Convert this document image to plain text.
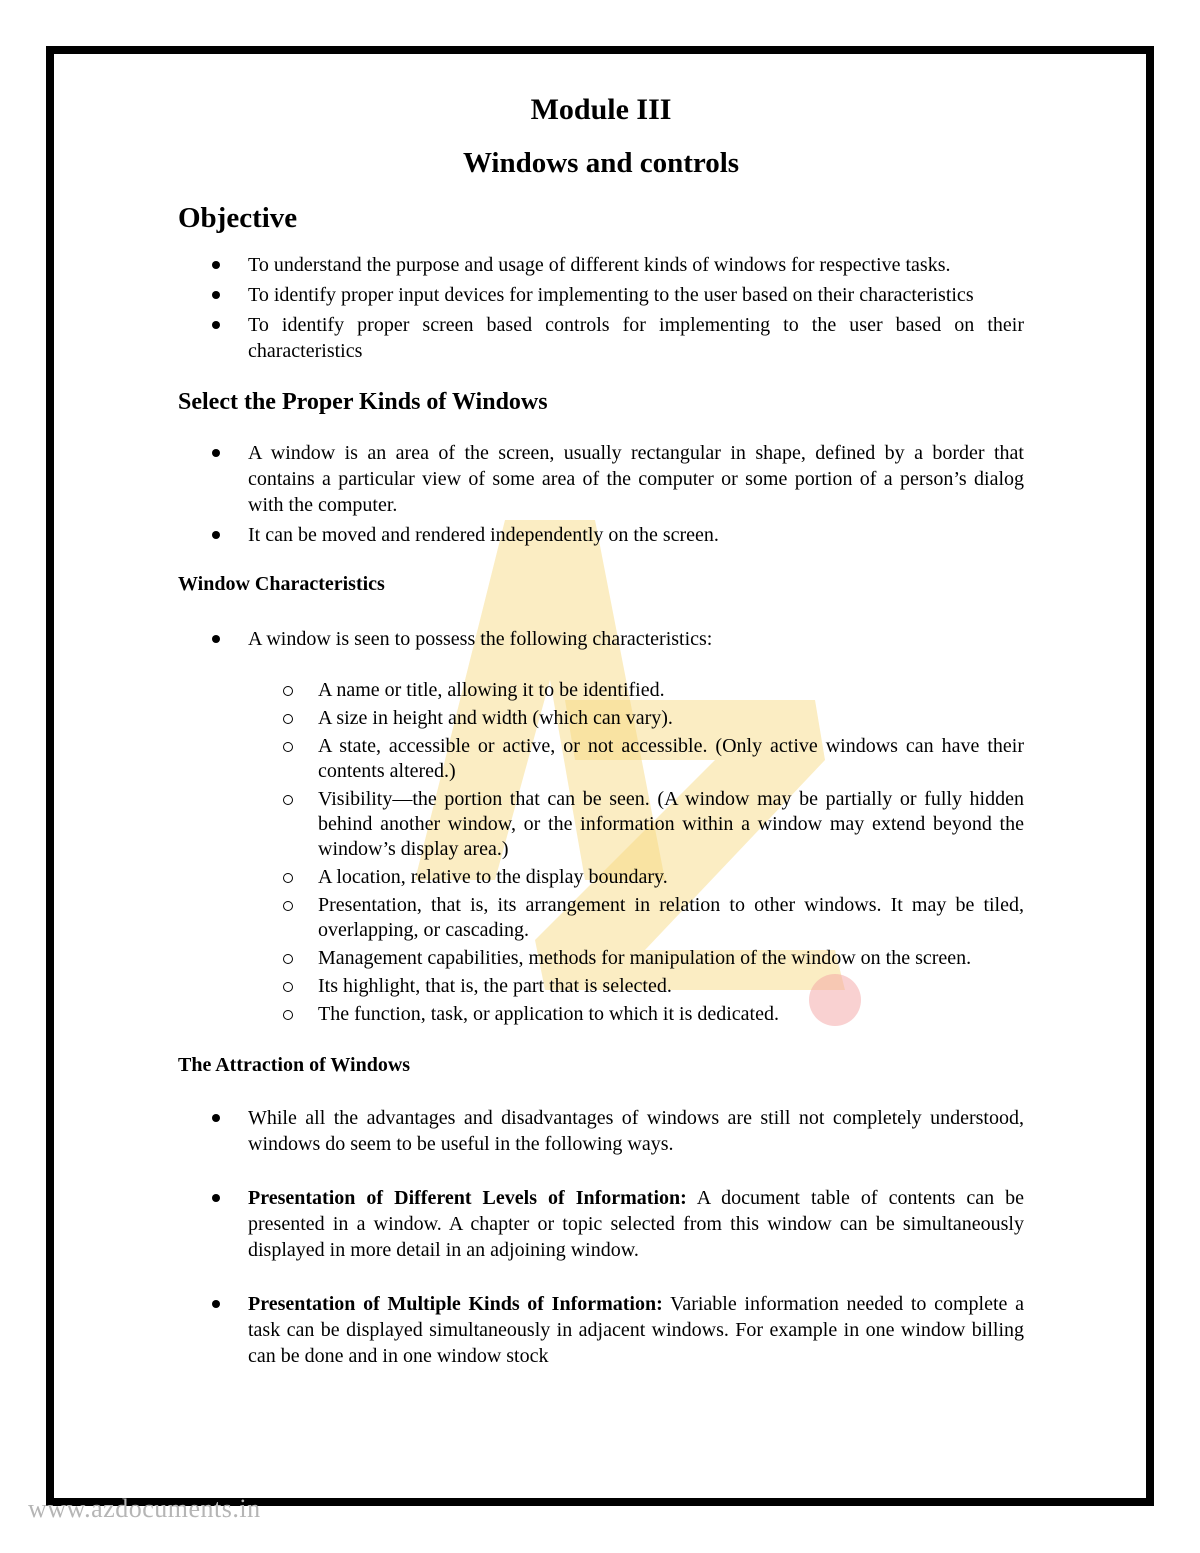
Module III
Windows and controls
Objective
To understand the purpose and usage of different kinds of windows for respective tasks.
To identify proper input devices for implementing to the user based on their characteristics
To identify proper screen based controls for implementing to the user based on their characteristics
Select the Proper Kinds of Windows
A window is an area of the screen, usually rectangular in shape, defined by a border that contains a particular view of some area of the computer or some portion of a person’s dialog with the computer.
It can be moved and rendered independently on the screen.
Window Characteristics
A window is seen to possess the following characteristics:
A name or title, allowing it to be identified.
A size in height and width (which can vary).
A state, accessible or active, or not accessible. (Only active windows can have their contents altered.)
Visibility—the portion that can be seen. (A window may be partially or fully hidden behind another window, or the information within a window may extend beyond the window’s display area.)
A location, relative to the display boundary.
Presentation, that is, its arrangement in relation to other windows. It may be tiled, overlapping, or cascading.
Management capabilities, methods for manipulation of the window on the screen.
Its highlight, that is, the part that is selected.
The function, task, or application to which it is dedicated.
The Attraction of Windows
While all the advantages and disadvantages of windows are still not completely understood, windows do seem to be useful in the following ways.
Presentation of Different Levels of Information: A document table of contents can be presented in a window. A chapter or topic selected from this window can be simultaneously displayed in more detail in an adjoining window.
Presentation of Multiple Kinds of Information: Variable information needed to complete a task can be displayed simultaneously in adjacent windows. For example in one window billing can be done and in one window stock
www.azdocuments.in
